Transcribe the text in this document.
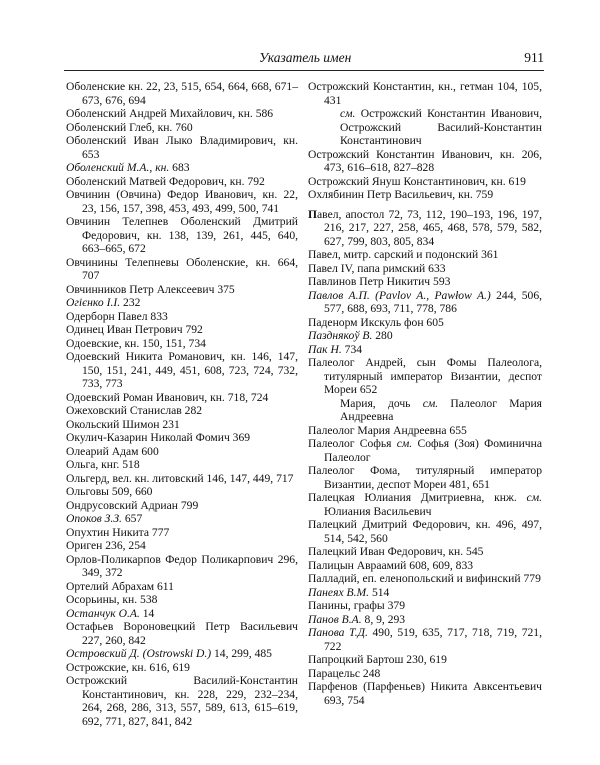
Указатель имен	911
Оболенские кн. 22, 23, 515, 654, 664, 668, 671–673, 676, 694
Оболенский Андрей Михайлович, кн. 586
Оболенский Глеб, кн. 760
Оболенский Иван Лыко Владимирович, кн. 653
Оболенский М.А., кн. 683
Оболенский Матвей Федорович, кн. 792
Овчинин (Овчина) Федор Иванович, кн. 22, 23, 156, 157, 398, 453, 493, 499, 500, 741
Овчинин Телепнев Оболенский Дмитрий Федорович, кн. 138, 139, 261, 445, 640, 663–665, 672
Овчинины Телепневы Оболенские, кн. 664, 707
Овчинников Петр Алексеевич 375
Огiєнко I.I. 232
Одерборн Павел 833
Одинец Иван Петрович 792
Одоевские, кн. 150, 151, 734
Одоевский Никита Романович, кн. 146, 147, 150, 151, 241, 449, 451, 608, 723, 724, 732, 733, 773
Одоевский Роман Иванович, кн. 718, 724
Ожеховский Станислав 282
Окольский Шимон 231
Окулич-Казарин Николай Фомич 369
Олеарий Адам 600
Ольга, кнг. 518
Ольгерд, вел. кн. литовский 146, 147, 449, 717
Ольговы 509, 660
Ондрусовский Адриан 799
Опоков З.З. 657
Опухтин Никита 777
Ориген 236, 254
Орлов-Поликарпов Федор Поликарпович 296, 349, 372
Ортелий Абрахам 611
Осорьины, кн. 538
Останчук О.А. 14
Остафьев Вороновецкий Петр Васильевич 227, 260, 842
Островский Д. (Ostrowski D.) 14, 299, 485
Острожские, кн. 616, 619
Острожский Василий-Константин Константинович, кн. 228, 229, 232–234, 264, 268, 286, 313, 557, 589, 613, 615–619, 692, 771, 827, 841, 842
Острожский Константин, кн., гетман 104, 105, 431
см. Острожский Константин Иванович, Острожский Василий-Константин Константинович
Острожский Константин Иванович, кн. 206, 473, 616–618, 827–828
Острожский Януш Константинович, кн. 619
Охлябинин Петр Васильевич, кн. 759
Павел, апостол 72, 73, 112, 190–193, 196, 197, 216, 217, 227, 258, 465, 468, 578, 579, 582, 627, 799, 803, 805, 834
Павел, митр. сарский и подонский 361
Павел IV, папа римский 633
Павлинов Петр Никитич 593
Павлов А.П. (Pavlov A., Pawłow A.) 244, 506, 577, 688, 693, 711, 778, 786
Паденорм Икскуль фон 605
Пазднякоў В. 280
Пак Н. 734
Палеолог Андрей, сын Фомы Палеолога, титулярный император Византии, деспот Мореи 652
Мария, дочь см. Палеолог Мария Андреевна
Палеолог Мария Андреевна 655
Палеолог Софья см. Софья (Зоя) Фоминична Палеолог
Палеолог Фома, титулярный император Византии, деспот Мореи 481, 651
Палецкая Юлиания Дмитриевна, кнж. см. Юлиания Васильевич
Палецкий Дмитрий Федорович, кн. 496, 497, 514, 542, 560
Палецкий Иван Федорович, кн. 545
Палицын Авраамий 608, 609, 833
Палладий, еп. еленопольский и вифинский 779
Панеях В.М. 514
Панины, графы 379
Панов В.А. 8, 9, 293
Панова Т.Д. 490, 519, 635, 717, 718, 719, 721, 722
Папроцкий Бартош 230, 619
Парацельс 248
Парфенов (Парфеньев) Никита Авксентьевич 693, 754
